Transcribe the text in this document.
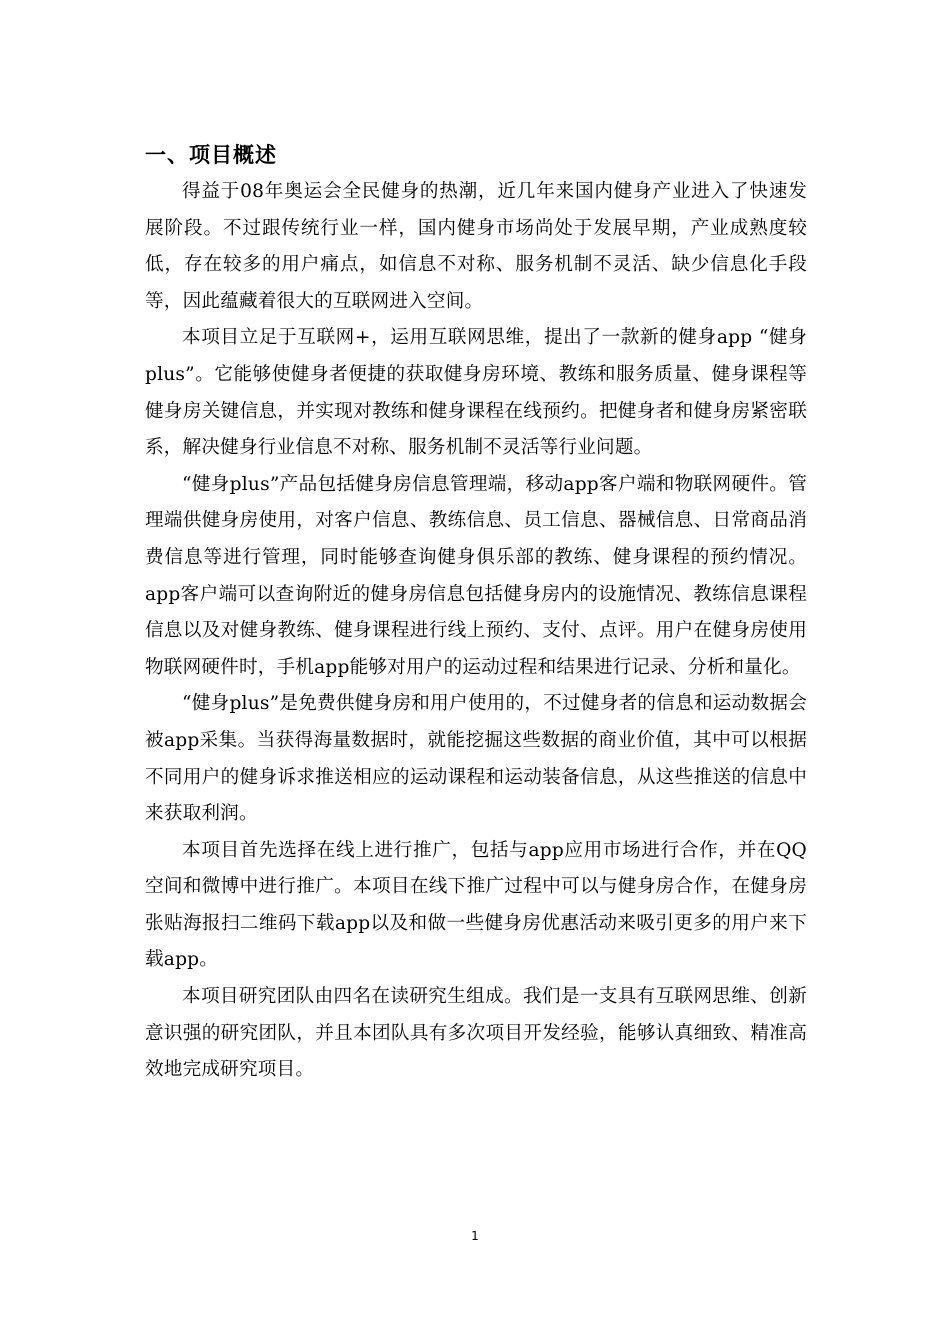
一、项目概述

得益于08年奥运会全民健身的热潮，近几年来国内健身产业进入了快速发展阶段。不过跟传统行业一样，国内健身市场尚处于发展早期，产业成熟度较低，存在较多的用户痛点，如信息不对称、服务机制不灵活、缺少信息化手段等，因此蕴藏着很大的互联网进入空间。

本项目立足于互联网+，运用互联网思维，提出了一款新的健身app “健身plus”。它能够使健身者便捷的获取健身房环境、教练和服务质量、健身课程等健身房关键信息，并实现对教练和健身课程在线预约。把健身者和健身房紧密联系，解决健身行业信息不对称、服务机制不灵活等行业问题。

“健身plus”产品包括健身房信息管理端，移动app客户端和物联网硬件。管理端供健身房使用，对客户信息、教练信息、员工信息、器械信息、日常商品消费信息等进行管理，同时能够查询健身俱乐部的教练、健身课程的预约情况。app客户端可以查询附近的健身房信息包括健身房内的设施情况、教练信息课程信息以及对健身教练、健身课程进行线上预约、支付、点评。用户在健身房使用物联网硬件时，手机app能够对用户的运动过程和结果进行记录、分析和量化。

“健身plus”是免费供健身房和用户使用的，不过健身者的信息和运动数据会被app采集。当获得海量数据时，就能挖掘这些数据的商业价值，其中可以根据不同用户的健身诉求推送相应的运动课程和运动装备信息，从这些推送的信息中来获取利润。

本项目首先选择在线上进行推广，包括与app应用市场进行合作，并在QQ空间和微博中进行推广。本项目在线下推广过程中可以与健身房合作，在健身房张贴海报扫二维码下载app以及和做一些健身房优惠活动来吸引更多的用户来下载app。

本项目研究团队由四名在读研究生组成。我们是一支具有互联网思维、创新意识强的研究团队，并且本团队具有多次项目开发经验，能够认真细致、精准高效地完成研究项目。

1
